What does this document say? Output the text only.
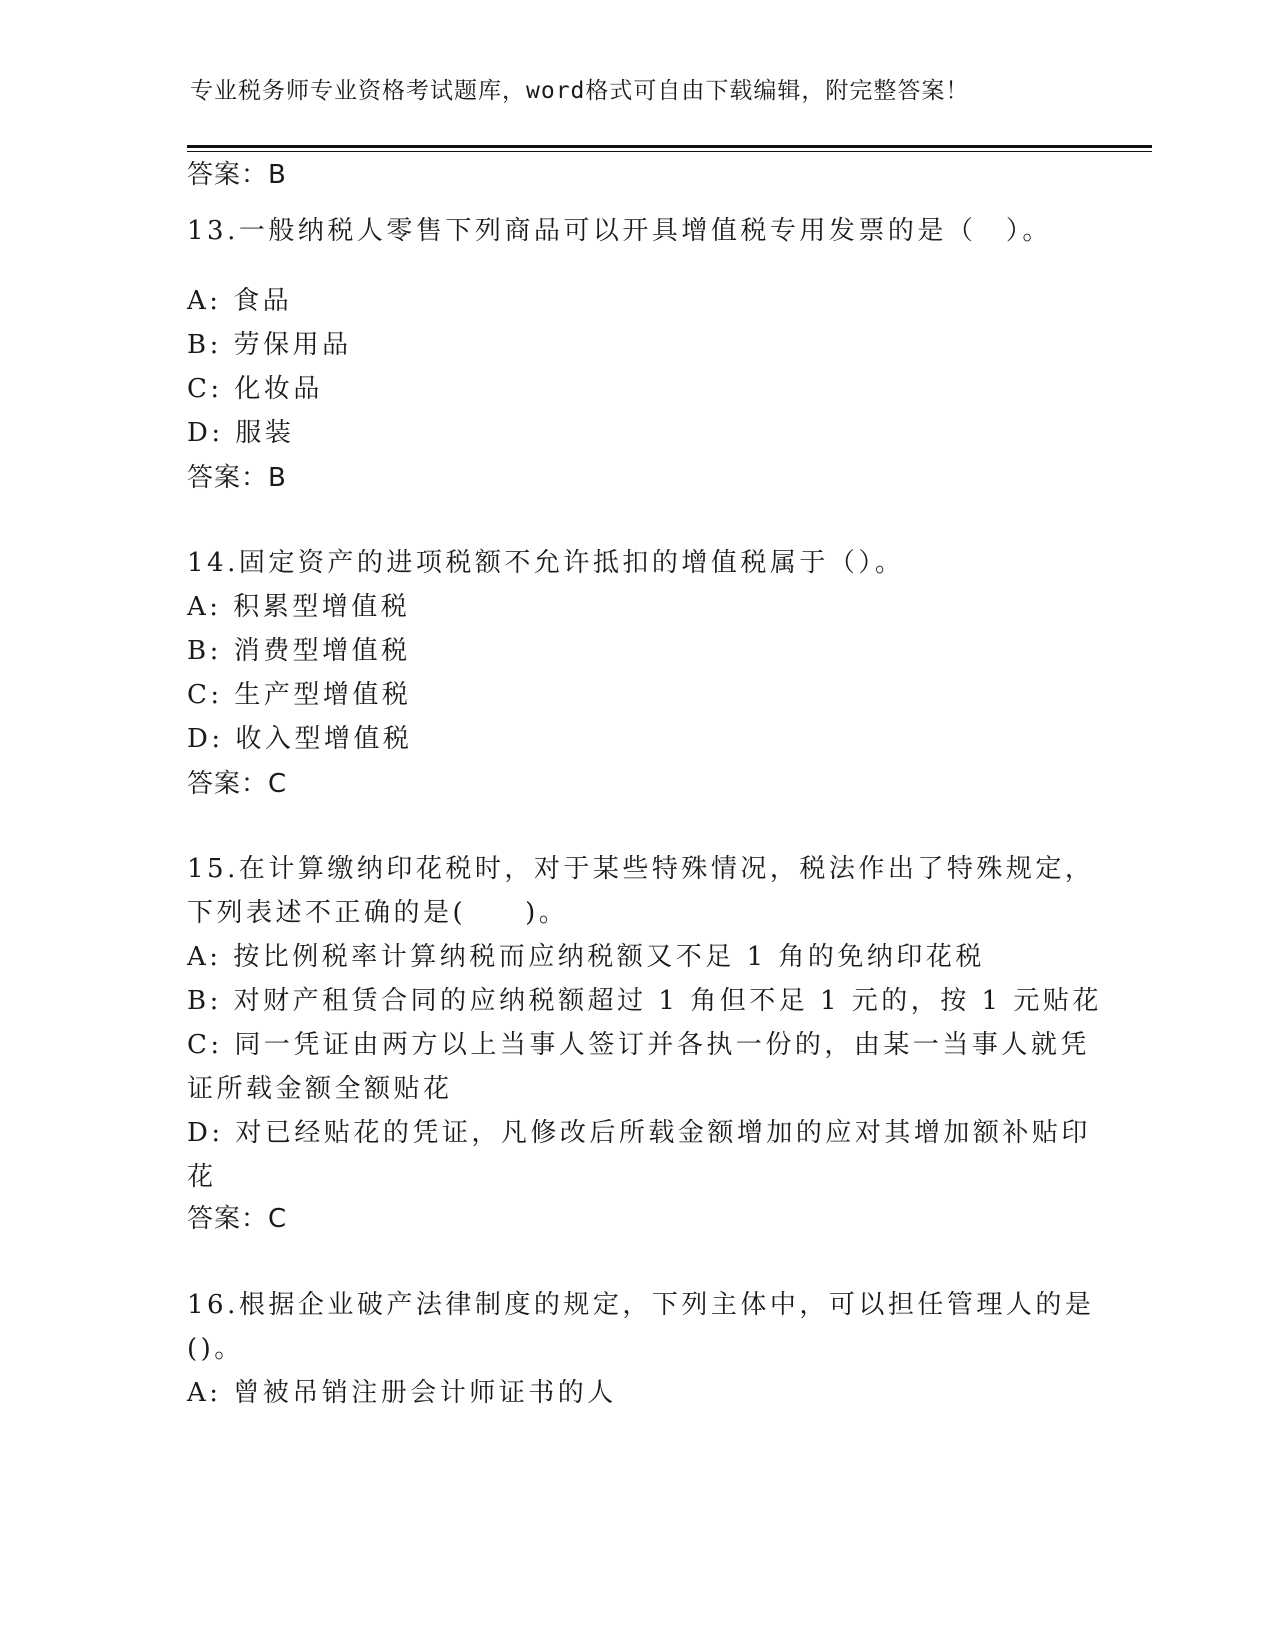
专业税务师专业资格考试题库，word格式可自由下载编辑，附完整答案！
答案：B
13.一般纳税人零售下列商品可以开具增值税专用发票的是（　）。
A: 食品
B: 劳保用品
C: 化妆品
D: 服装
答案：B
14.固定资产的进项税额不允许抵扣的增值税属于（）。
A: 积累型增值税
B: 消费型增值税
C: 生产型增值税
D: 收入型增值税
答案：C
15.在计算缴纳印花税时，对于某些特殊情况，税法作出了特殊规定，
下列表述不正确的是(　　)。
A: 按比例税率计算纳税而应纳税额又不足 1 角的免纳印花税
B: 对财产租赁合同的应纳税额超过 1 角但不足 1 元的，按 1 元贴花
C: 同一凭证由两方以上当事人签订并各执一份的，由某一当事人就凭
证所载金额全额贴花
D: 对已经贴花的凭证，凡修改后所载金额增加的应对其增加额补贴印
花
答案：C
16.根据企业破产法律制度的规定，下列主体中，可以担任管理人的是
()。
A: 曾被吊销注册会计师证书的人
